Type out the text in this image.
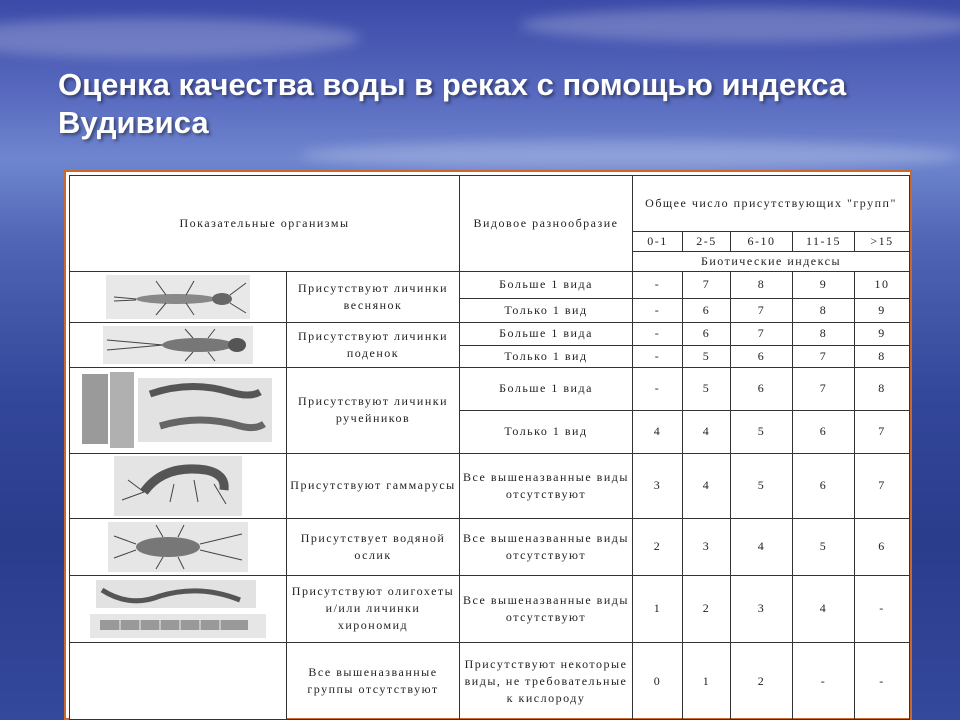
Оценка качества воды в реках с помощью индекса Вудивиса
Показательные организмы		Видовое разнообразие	Общее число присутствующих "групп"				
			0-1	2-5	6-10	11-15	>15
			Биотические индексы				

	Присутствуют личинки веснянок	Больше 1 вида	-	7	8	9	10
		Только 1 вид	-	6	7	8	9

	Присутствуют личинки поденок	Больше 1 вида	-	6	7	8	9
		Только 1 вид	-	5	6	7	8

	Присутствуют личинки ручейников	Больше 1 вида	-	5	6	7	8
		Только 1 вид	4	4	5	6	7

	Присутствуют гаммарусы	Все вышеназванные виды отсутствуют	3	4	5	6	7

	Присутствует водяной ослик	Все вышеназванные виды отсутствуют	2	3	4	5	6

	Присутствуют олигохеты и/или личинки хирономид	Все вышеназванные виды отсутствуют	1	2	3	4	-
	Все вышеназванные группы отсутствуют	Присутствуют некоторые виды, не требовательные к кислороду	0	1	2	-	-
